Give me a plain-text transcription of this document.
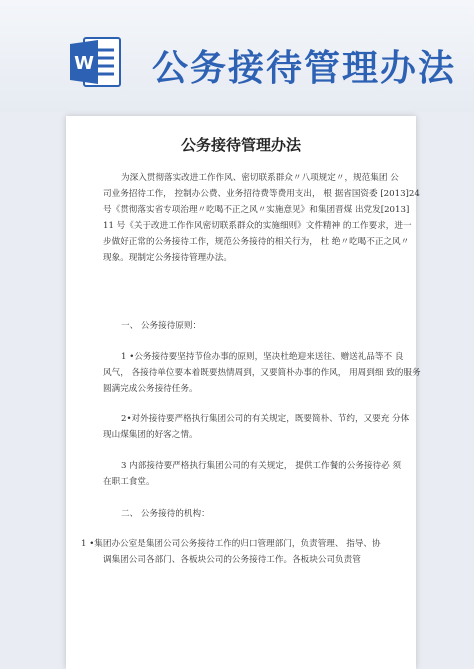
W 公务接待管理办法
公务接待管理办法
为深入贯彻落实改进工作作风、密切联系群众〃八项规定〃，规范集团 公
司业务招待工作， 控制办公费、业务招待费等费用支出， 根 据省国资委 [2013]24
号《贯彻落实省专项治理〃吃喝不正之风〃实施意见》和集团晋煤 出党发[2013]
11 号《关于改进工作作风密切联系群众的实施细则》文件精神 的工作要求，进一
步做好正常的公务接待工作，规范公务接待的相关行为， 杜 绝〃吃喝不正之风〃
现象。现制定公务接待管理办法。
一、 公务接待原则：
1 •公务接待要坚持节俭办事的原则，坚决杜绝迎来送往、赠送礼品等不 良
风气， 各接待单位要本着既要热情周到，又要简朴办事的作风， 用周到细 致的服务
圆满完成公务接待任务。
2•对外接待要严格执行集团公司的有关规定，既要简朴、节约，又要充 分体
现山煤集团的好客之情。
3 内部接待要严格执行集团公司的有关规定， 提供工作餐的公务接待必 须
在职工食堂。
二、 公务接待的机构：
1 •集团办公室是集团公司公务接待工作的归口管理部门，负责管理、 指导、协
调集团公司各部门、各板块公司的公务接待工作。各板块公司负责管
